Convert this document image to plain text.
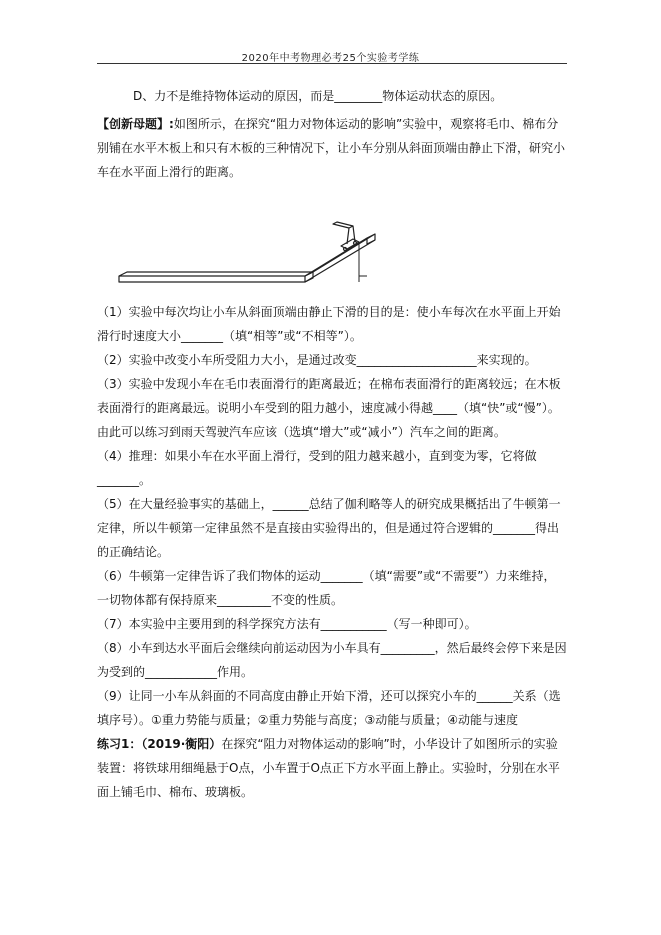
2020年中考物理必考25个实验考学练

D、力不是维持物体运动的原因，而是________物体运动状态的原因。

【创新母题】:如图所示，在探究“阻力对物体运动的影响”实验中，观察将毛巾、棉布分别铺在水平木板上和只有木板的三种情况下，让小车分别从斜面顶端由静止下滑，研究小车在水平面上滑行的距离。

（1）实验中每次均让小车从斜面顶端由静止下滑的目的是：使小车每次在水平面上开始滑行时速度大小_______（填“相等”或“不相等”）。

（2）实验中改变小车所受阻力大小，是通过改变____________________来实现的。

（3）实验中发现小车在毛巾表面滑行的距离最近；在棉布表面滑行的距离较远；在木板表面滑行的距离最远。说明小车受到的阻力越小，速度减小得越____（填“快”或“慢”）。由此可以练习到雨天驾驶汽车应该（选填“增大”或“减小”）汽车之间的距离。

（4）推理：如果小车在水平面上滑行，受到的阻力越来越小，直到变为零，它将做_______。

（5）在大量经验事实的基础上，______总结了伽利略等人的研究成果概括出了牛顿第一定律，所以牛顿第一定律虽然不是直接由实验得出的，但是通过符合逻辑的_______得出的正确结论。

（6）牛顿第一定律告诉了我们物体的运动_______（填“需要”或“不需要”）力来维持，一切物体都有保持原来_________不变的性质。

（7）本实验中主要用到的科学探究方法有___________（写一种即可）。

（8）小车到达水平面后会继续向前运动因为小车具有_________，然后最终会停下来是因为受到的____________作用。

（9）让同一小车从斜面的不同高度由静止开始下滑，还可以探究小车的______关系（选填序号）。①重力势能与质量；②重力势能与高度；③动能与质量；④动能与速度

练习1：（2019·衡阳）在探究“阻力对物体运动的影响”时，小华设计了如图所示的实验装置：将铁球用细绳悬于O点，小车置于O点正下方水平面上静止。实验时，分别在水平面上铺毛巾、棉布、玻璃板。
